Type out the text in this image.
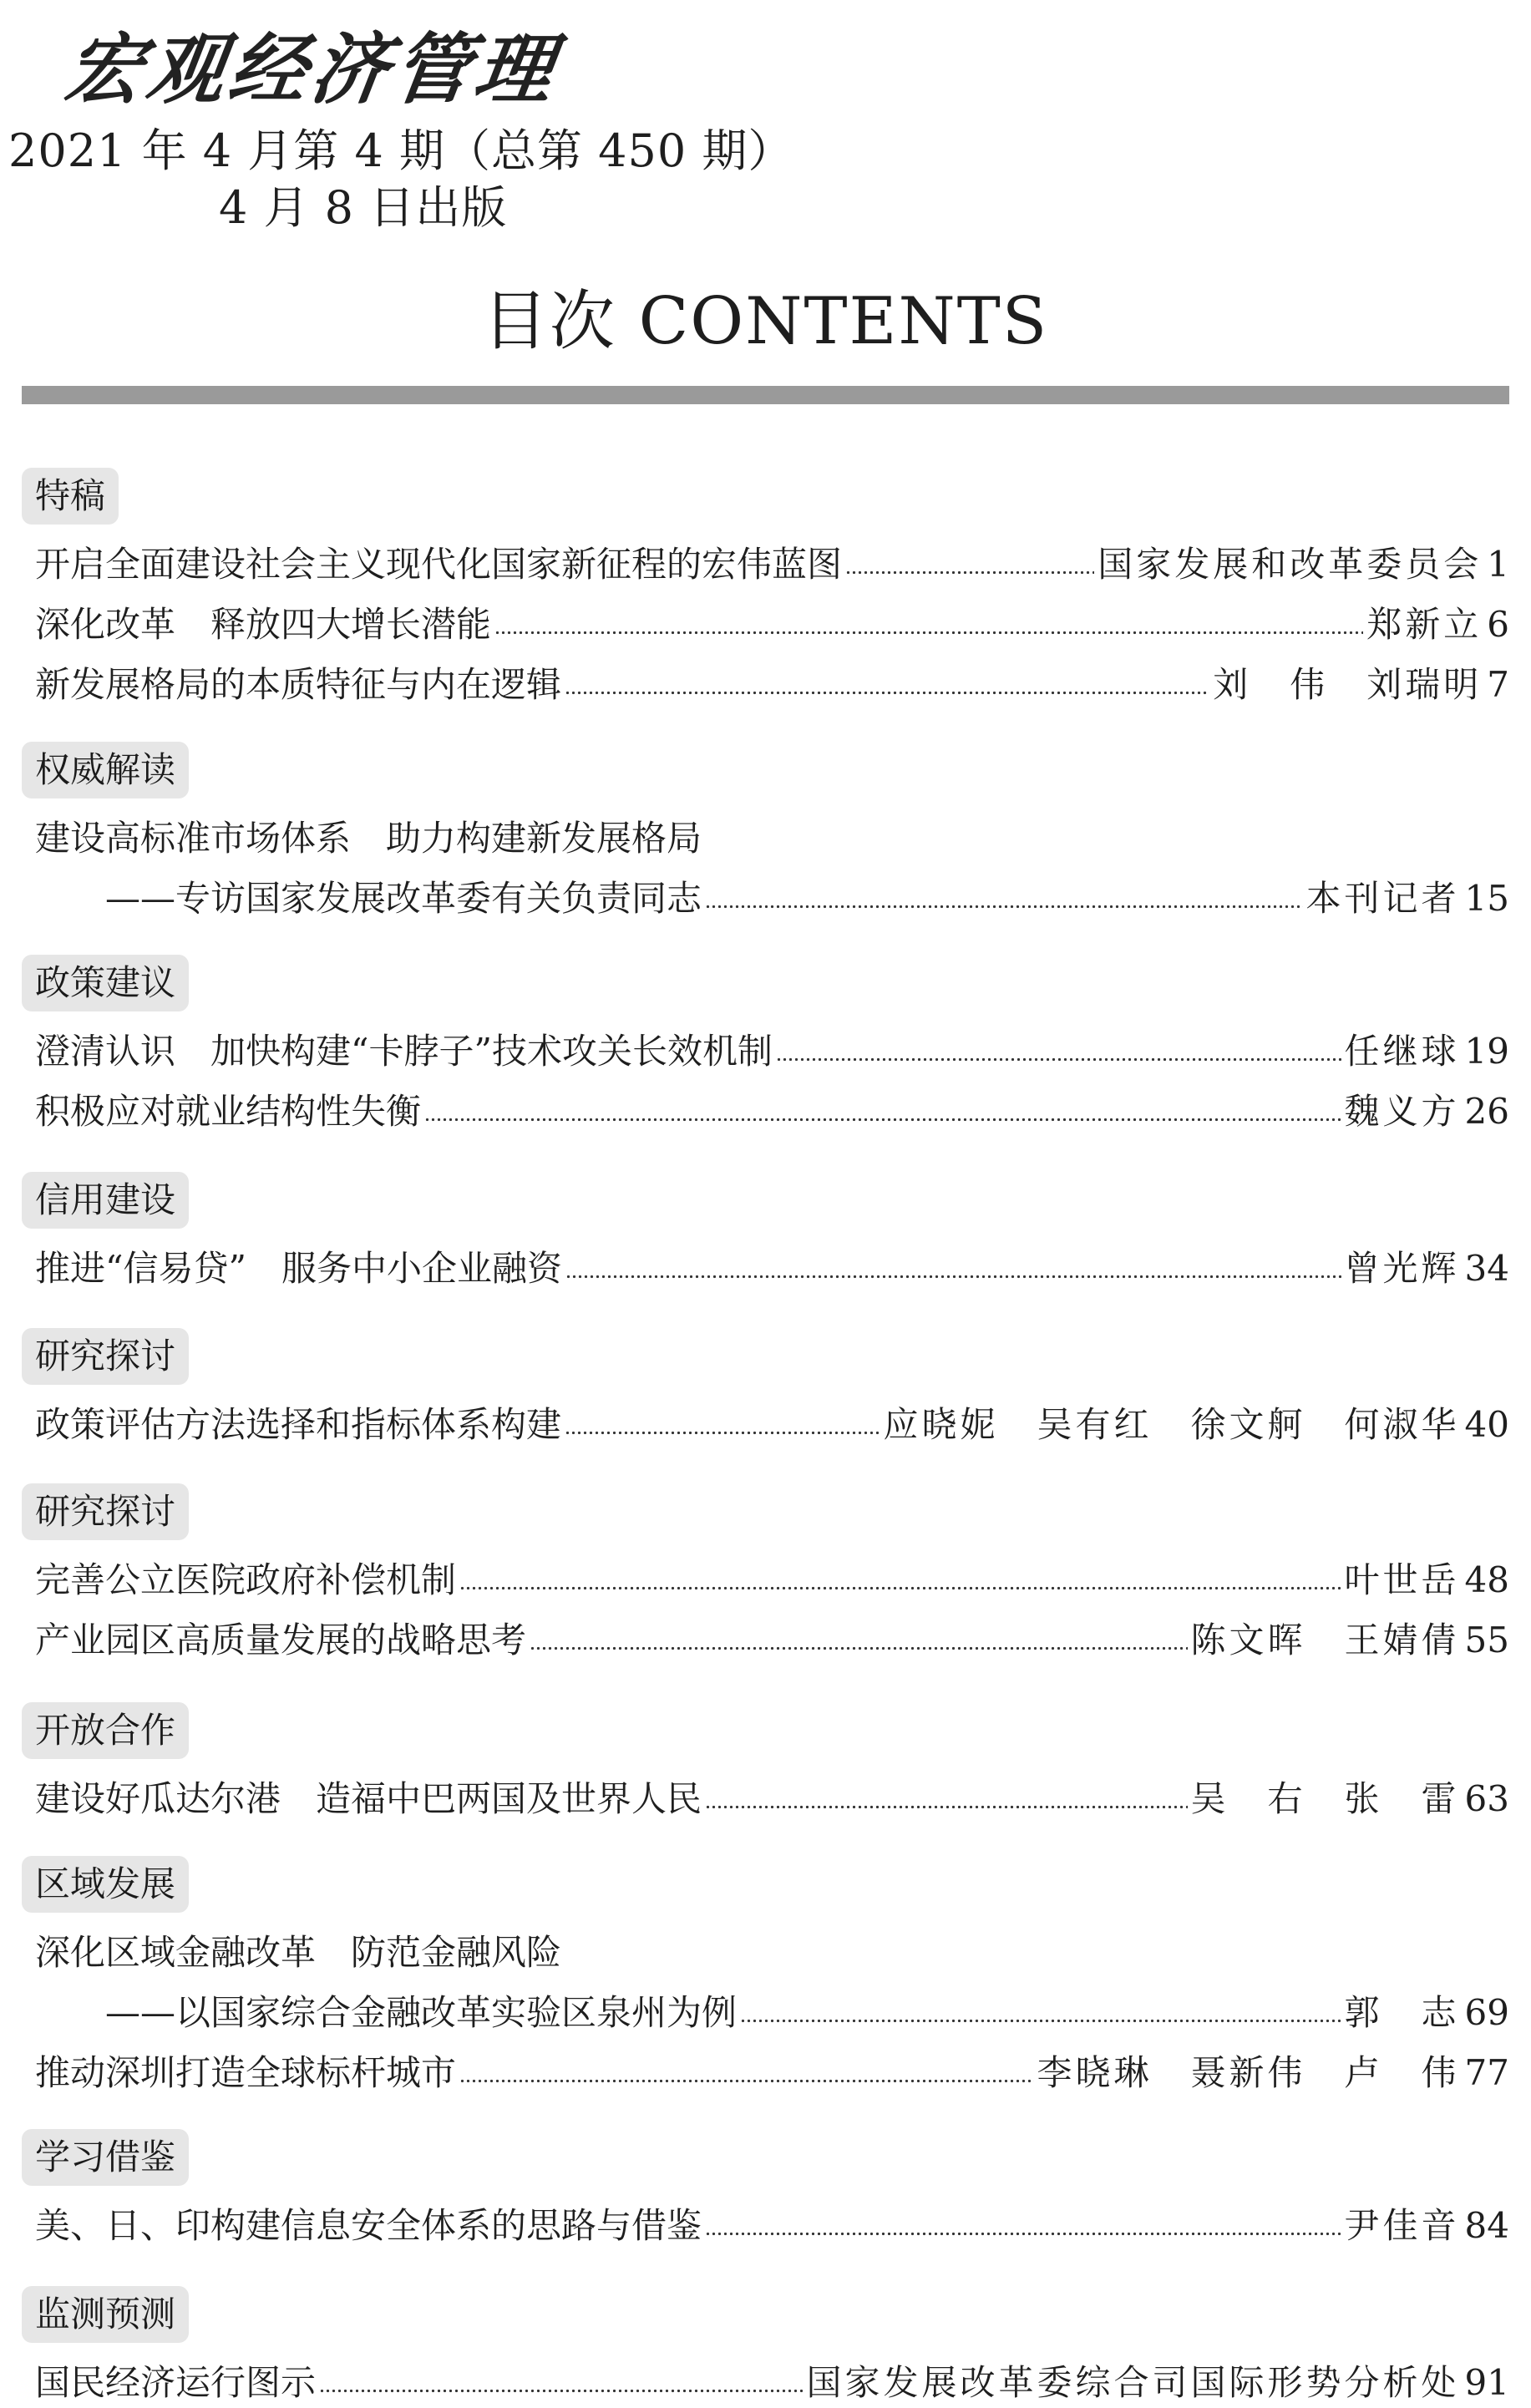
宏观经济管理
2021 年 4 月第 4 期（总第 450 期）
4 月 8 日出版
目次 CONTENTS
特稿
开启全面建设社会主义现代化国家新征程的宏伟蓝图	国家发展和改革委员会 1
深化改革　释放四大增长潜能	郑新立 6
新发展格局的本质特征与内在逻辑	刘　伟　刘瑞明 7
权威解读
建设高标准市场体系　助力构建新发展格局
——专访国家发展改革委有关负责同志	本刊记者 15
政策建议
澄清认识　加快构建“卡脖子”技术攻关长效机制	任继球 19
积极应对就业结构性失衡	魏义方 26
信用建设
推进“信易贷”　服务中小企业融资	曾光辉 34
研究探讨
政策评估方法选择和指标体系构建	应晓妮　吴有红　徐文舸　何淑华 40
研究探讨
完善公立医院政府补偿机制	叶世岳 48
产业园区高质量发展的战略思考	陈文晖　王婧倩 55
开放合作
建设好瓜达尔港　造福中巴两国及世界人民	吴　右　张　雷 63
区域发展
深化区域金融改革　防范金融风险
——以国家综合金融改革实验区泉州为例	郭　志 69
推动深圳打造全球标杆城市	李晓琳　聂新伟　卢　伟 77
学习借鉴
美、日、印构建信息安全体系的思路与借鉴	尹佳音 84
监测预测
国民经济运行图示	国家发展改革委综合司国际形势分析处 91
